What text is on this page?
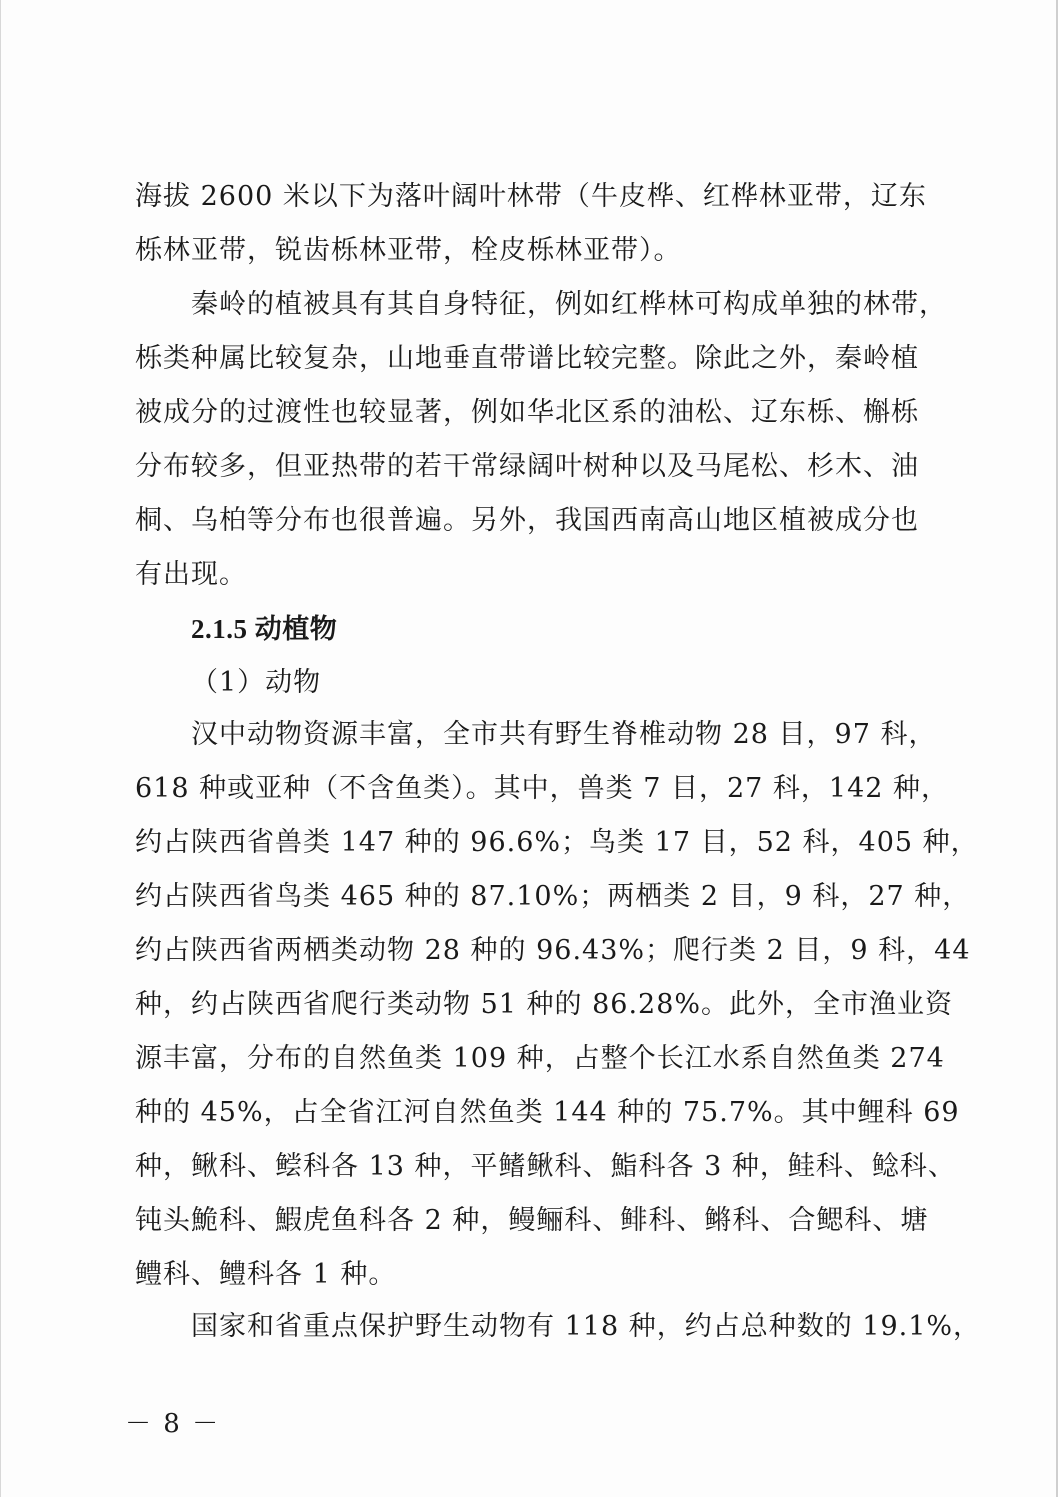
海拔 2600 米以下为落叶阔叶林带（牛皮桦、红桦林亚带，辽东
栎林亚带，锐齿栎林亚带，栓皮栎林亚带）。
秦岭的植被具有其自身特征，例如红桦林可构成单独的林带，
栎类种属比较复杂，山地垂直带谱比较完整。除此之外，秦岭植
被成分的过渡性也较显著，例如华北区系的油松、辽东栎、槲栎
分布较多，但亚热带的若干常绿阔叶树种以及马尾松、杉木、油
桐、乌柏等分布也很普遍。另外，我国西南高山地区植被成分也
有出现。
2.1.5 动植物
（1）动物
汉中动物资源丰富，全市共有野生脊椎动物 28 目，97 科，
618 种或亚种（不含鱼类）。其中，兽类 7 目，27 科，142 种，
约占陕西省兽类 147 种的 96.6%；鸟类 17 目，52 科，405 种，
约占陕西省鸟类 465 种的 87.10%；两栖类 2 目，9 科，27 种，
约占陕西省两栖类动物 28 种的 96.43%；爬行类 2 目，9 科，44
种，约占陕西省爬行类动物 51 种的 86.28%。此外，全市渔业资
源丰富，分布的自然鱼类 109 种，占整个长江水系自然鱼类 274
种的 45%，占全省江河自然鱼类 144 种的 75.7%。其中鲤科 69
种，鳅科、鲿科各 13 种，平鳍鳅科、鮨科各 3 种，鲑科、鲶科、
钝头鮠科、鰕虎鱼科各 2 种，鳗鲡科、鲱科、鳉科、合鳃科、塘
鳢科、鳢科各 1 种。
国家和省重点保护野生动物有 118 种，约占总种数的 19.1%，
－ 8 －
